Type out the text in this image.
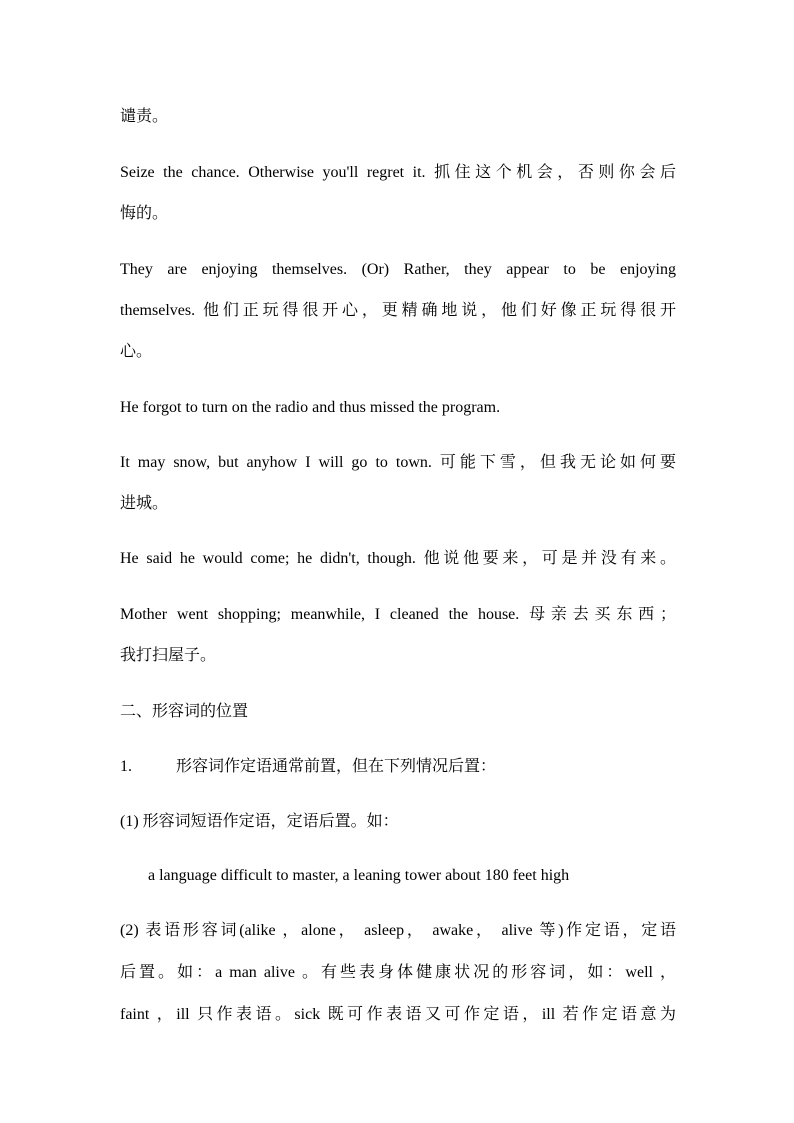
谴责。
Seize the chance. Otherwise you'll regret it. 抓住这个机会，否则你会后
悔的。
They are enjoying themselves. (Or) Rather, they appear to be enjoying
themselves. 他们正玩得很开心，更精确地说，他们好像正玩得很开
心。
He forgot to turn on the radio and thus missed the program.
It may snow, but anyhow I will go to town. 可能下雪，但我无论如何要
进城。
He said he would come; he didn't, though. 他说他要来，可是并没有来。
Mother went shopping; meanwhile, I cleaned the house. 母亲去买东西；
我打扫屋子。
二、形容词的位置
1.	形容词作定语通常前置，但在下列情况后置：
(1) 形容词短语作定语，定语后置。如：
a language difficult to master, a leaning tower about 180 feet high
(2) 表语形容词(alike ，alone， asleep， awake， alive 等)作定语，定语
后置。如：a man alive 。有些表身体健康状况的形容词，如：well ，
faint ，ill 只作表语。sick 既可作表语又可作定语，ill 若作定语意为
